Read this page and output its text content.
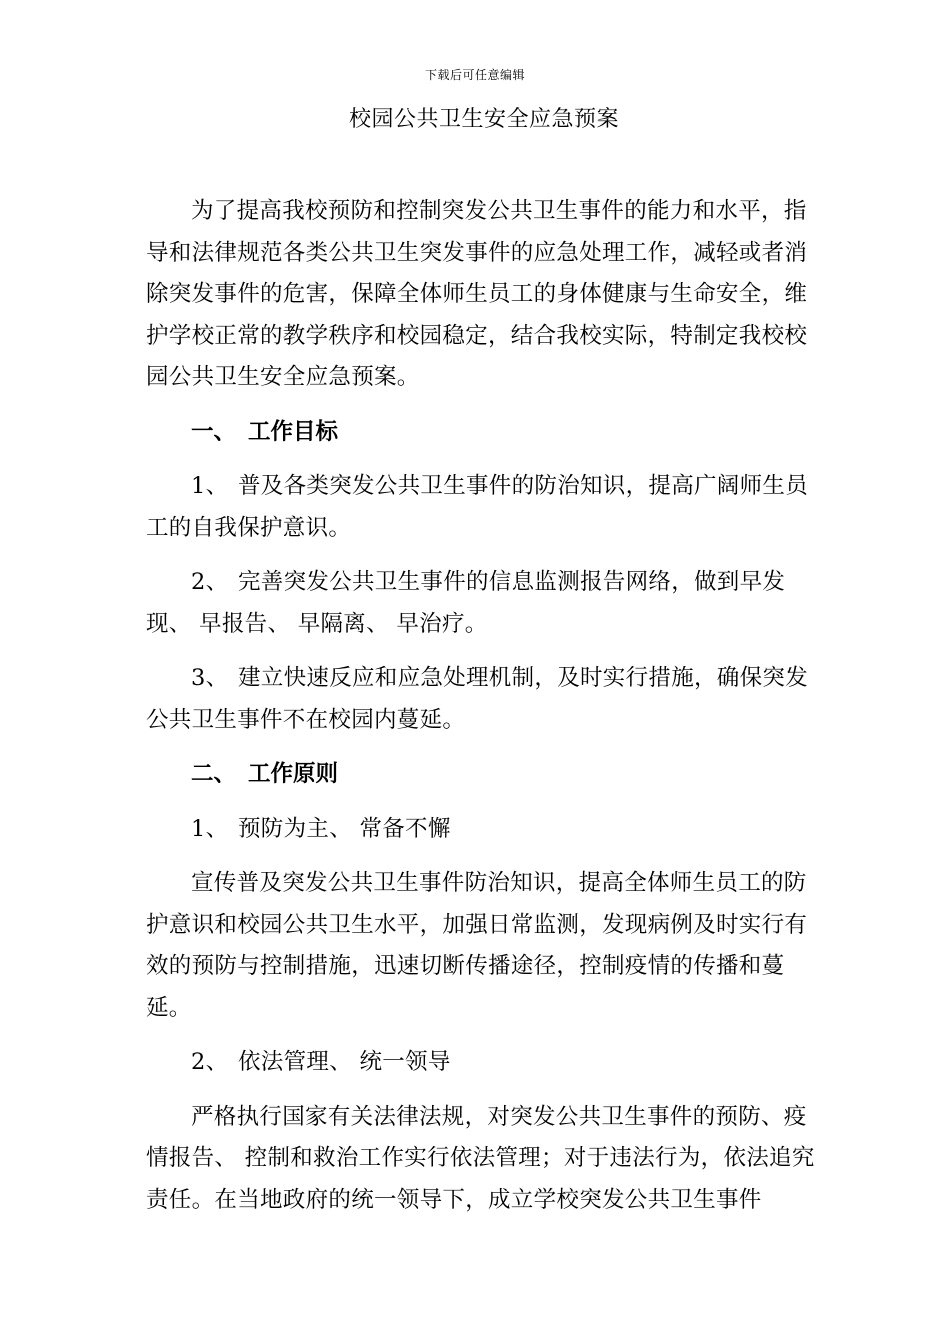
下载后可任意编辑
校园公共卫生安全应急预案

为了提高我校预防和控制突发公共卫生事件的能力和水平，指导和法律规范各类公共卫生突发事件的应急处理工作，减轻或者消除突发事件的危害，保障全体师生员工的身体健康与生命安全，维护学校正常的教学秩序和校园稳定，结合我校实际，特制定我校校园公共卫生安全应急预案。

一、 工作目标

1、 普及各类突发公共卫生事件的防治知识，提高广阔师生员工的自我保护意识。

2、 完善突发公共卫生事件的信息监测报告网络，做到早发现、 早报告、 早隔离、 早治疗。

3、 建立快速反应和应急处理机制，及时实行措施，确保突发公共卫生事件不在校园内蔓延。

二、 工作原则

1、 预防为主、 常备不懈

宣传普及突发公共卫生事件防治知识，提高全体师生员工的防护意识和校园公共卫生水平，加强日常监测，发现病例及时实行有效的预防与控制措施，迅速切断传播途径，控制疫情的传播和蔓延。

2、 依法管理、 统一领导

严格执行国家有关法律法规，对突发公共卫生事件的预防、疫情报告、 控制和救治工作实行依法管理；对于违法行为，依法追究责任。在当地政府的统一领导下，成立学校突发公共卫生事件
